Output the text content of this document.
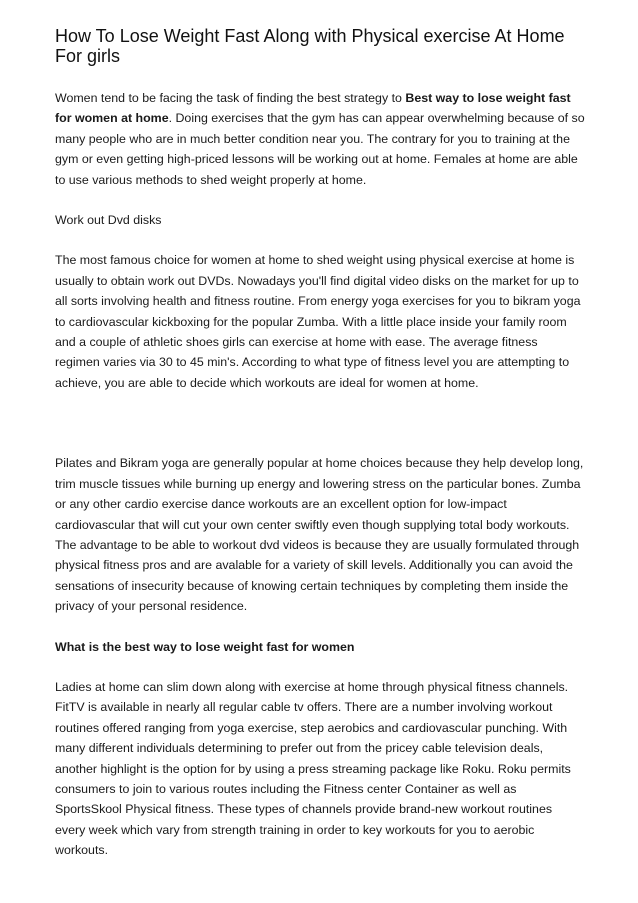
How To Lose Weight Fast Along with Physical exercise At Home For girls

Women tend to be facing the task of finding the best strategy to Best way to lose weight fast for women at home. Doing exercises that the gym has can appear overwhelming because of so many people who are in much better condition near you. The contrary for you to training at the gym or even getting high-priced lessons will be working out at home. Females at home are able to use various methods to shed weight properly at home.

Work out Dvd disks

The most famous choice for women at home to shed weight using physical exercise at home is usually to obtain work out DVDs. Nowadays you'll find digital video disks on the market for up to all sorts involving health and fitness routine. From energy yoga exercises for you to bikram yoga to cardiovascular kickboxing for the popular Zumba. With a little place inside your family room and a couple of athletic shoes girls can exercise at home with ease. The average fitness regimen varies via 30 to 45 min's. According to what type of fitness level you are attempting to achieve, you are able to decide which workouts are ideal for women at home.

Pilates and Bikram yoga are generally popular at home choices because they help develop long, trim muscle tissues while burning up energy and lowering stress on the particular bones. Zumba or any other cardio exercise dance workouts are an excellent option for low-impact cardiovascular that will cut your own center swiftly even though supplying total body workouts. The advantage to be able to workout dvd videos is because they are usually formulated through physical fitness pros and are avalable for a variety of skill levels. Additionally you can avoid the sensations of insecurity because of knowing certain techniques by completing them inside the privacy of your personal residence.

What is the best way to lose weight fast for women

Ladies at home can slim down along with exercise at home through physical fitness channels. FitTV is available in nearly all regular cable tv offers. There are a number involving workout routines offered ranging from yoga exercise, step aerobics and cardiovascular punching. With many different individuals determining to prefer out from the pricey cable television deals, another highlight is the option for by using a press streaming package like Roku. Roku permits consumers to join to various routes including the Fitness center Container as well as SportsSkool Physical fitness. These types of channels provide brand-new workout routines every week which vary from strength training in order to key workouts for you to aerobic workouts.
